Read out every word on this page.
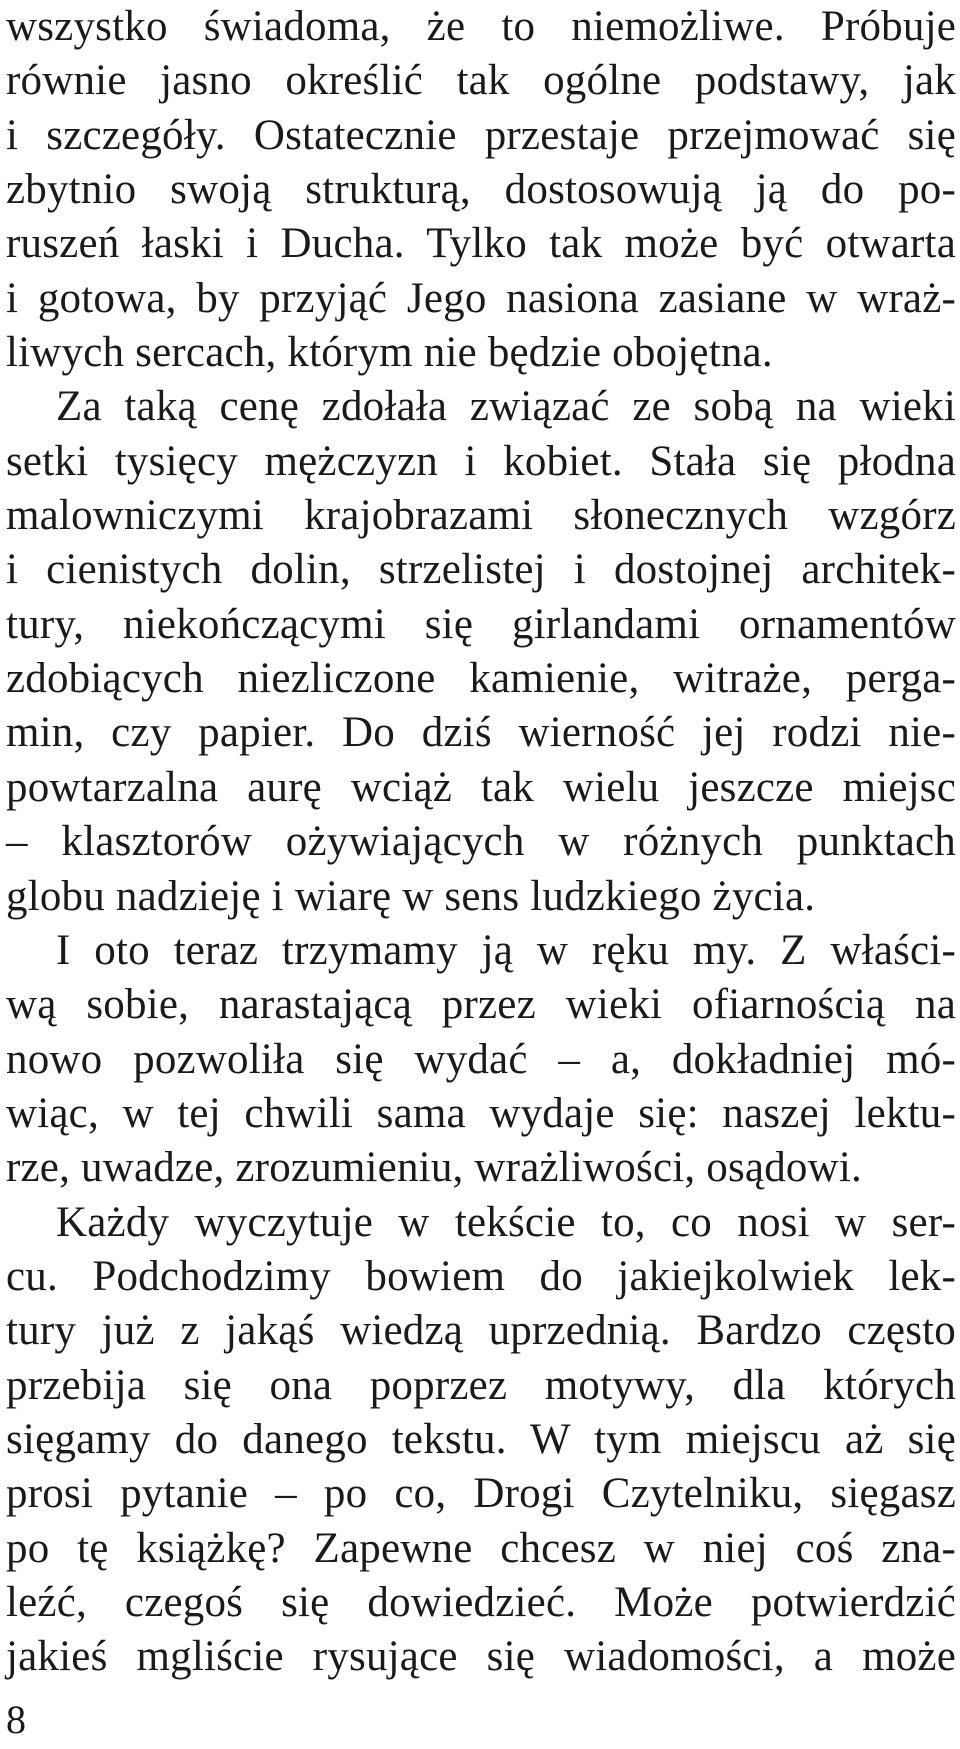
wszystko świadoma, że to niemożliwe. Próbuje
równie jasno określić tak ogólne podstawy, jak
i szczegóły. Ostatecznie przestaje przejmować się
zbytnio swoją strukturą, dostosowują ją do po-
ruszeń łaski i Ducha. Tylko tak może być otwarta
i gotowa, by przyjąć Jego nasiona zasiane w wraż-
liwych sercach, którym nie będzie obojętna.
Za taką cenę zdołała związać ze sobą na wieki
setki tysięcy mężczyzn i kobiet. Stała się płodna
malowniczymi krajobrazami słonecznych wzgórz
i cienistych dolin, strzelistej i dostojnej architek-
tury, niekończącymi się girlandami ornamentów
zdobiących niezliczone kamienie, witraże, perga-
min, czy papier. Do dziś wierność jej rodzi nie-
powtarzalna aurę wciąż tak wielu jeszcze miejsc
– klasztorów ożywiających w różnych punktach
globu nadzieję i wiarę w sens ludzkiego życia.
I oto teraz trzymamy ją w ręku my. Z właści-
wą sobie, narastającą przez wieki ofiarnością na
nowo pozwoliła się wydać – a, dokładniej mó-
wiąc, w tej chwili sama wydaje się: naszej lektu-
rze, uwadze, zrozumieniu, wrażliwości, osądowi.
Każdy wyczytuje w tekście to, co nosi w ser-
cu. Podchodzimy bowiem do jakiejkolwiek lek-
tury już z jakąś wiedzą uprzednią. Bardzo często
przebija się ona poprzez motywy, dla których
sięgamy do danego tekstu. W tym miejscu aż się
prosi pytanie – po co, Drogi Czytelniku, sięgasz
po tę książkę? Zapewne chcesz w niej coś zna-
leźć, czegoś się dowiedzieć. Może potwierdzić
jakieś mgliście rysujące się wiadomości, a może
8
